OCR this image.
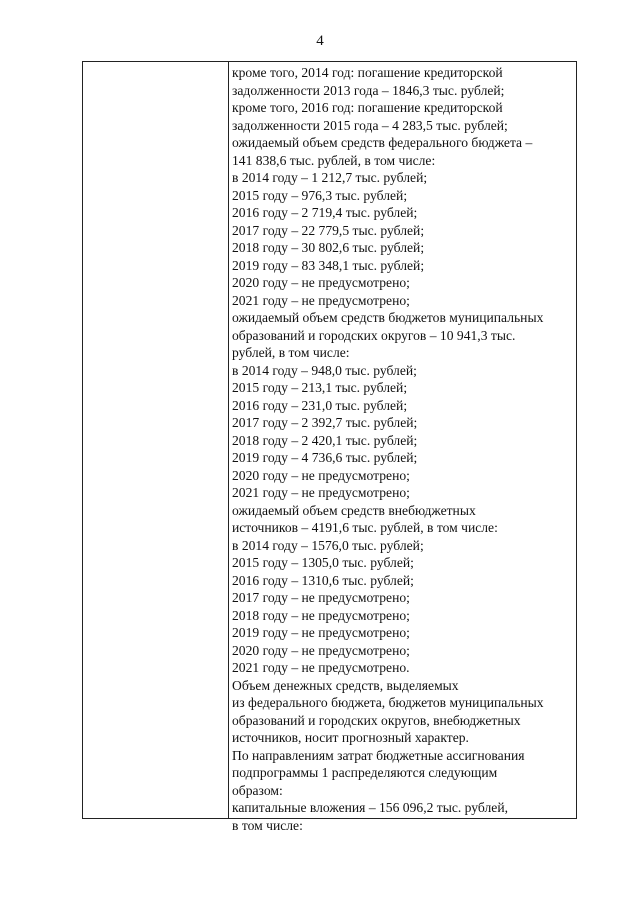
4
кроме того, 2014 год: погашение кредиторской
задолженности 2013 года – 1846,3 тыс. рублей;
кроме того, 2016 год: погашение кредиторской
задолженности 2015 года – 4 283,5 тыс. рублей;
ожидаемый объем средств федерального бюджета –
141 838,6 тыс. рублей, в том числе:
в 2014 году – 1 212,7 тыс. рублей;
2015 году – 976,3 тыс. рублей;
2016 году – 2 719,4 тыс. рублей;
2017 году – 22 779,5 тыс. рублей;
2018 году – 30 802,6 тыс. рублей;
2019 году – 83 348,1 тыс. рублей;
2020 году – не предусмотрено;
2021 году – не предусмотрено;
ожидаемый объем средств бюджетов муниципальных
образований и городских округов – 10 941,3 тыс.
рублей, в том числе:
в 2014 году – 948,0 тыс. рублей;
2015 году – 213,1 тыс. рублей;
2016 году – 231,0 тыс. рублей;
2017 году – 2 392,7 тыс. рублей;
2018 году – 2 420,1 тыс. рублей;
2019 году – 4 736,6 тыс. рублей;
2020 году – не предусмотрено;
2021 году – не предусмотрено;
ожидаемый объем средств внебюджетных
источников – 4191,6 тыс. рублей, в том числе:
в 2014 году – 1576,0 тыс. рублей;
2015 году – 1305,0 тыс. рублей;
2016 году – 1310,6 тыс. рублей;
2017 году – не предусмотрено;
2018 году – не предусмотрено;
2019 году – не предусмотрено;
2020 году – не предусмотрено;
2021 году – не предусмотрено.
Объем денежных средств, выделяемых
из федерального бюджета, бюджетов муниципальных
образований и городских округов, внебюджетных
источников, носит прогнозный характер.
По направлениям затрат бюджетные ассигнования
подпрограммы 1 распределяются следующим
образом:
капитальные вложения – 156 096,2 тыс. рублей,
в том числе:
